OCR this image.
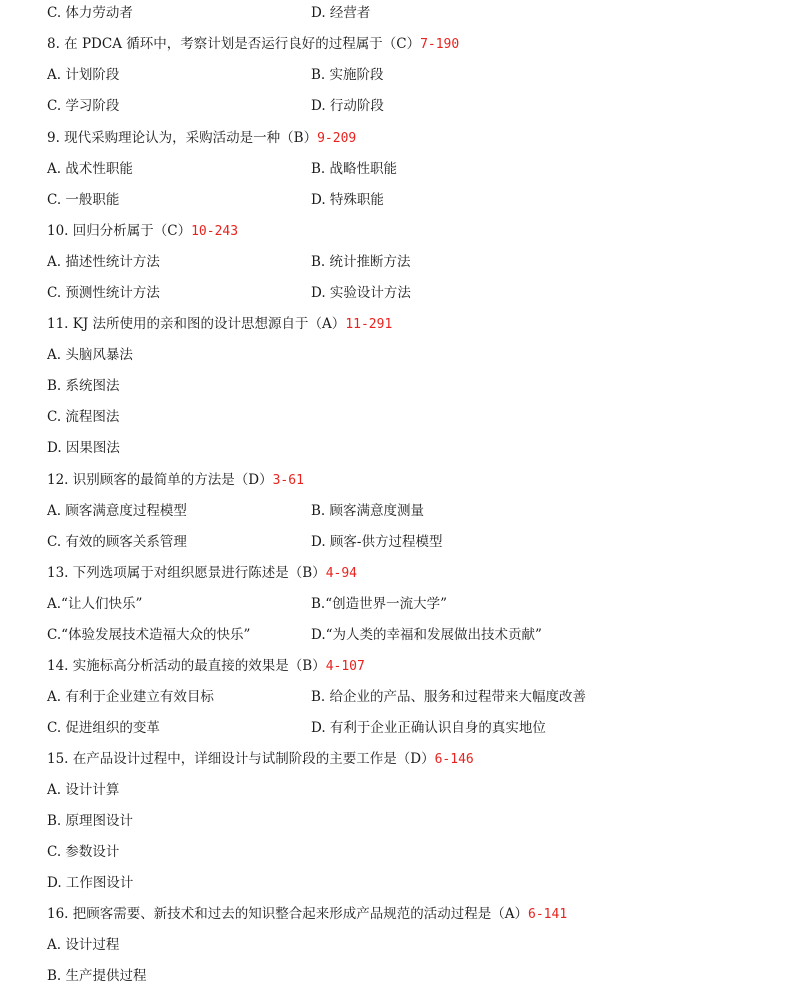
C. 体力劳动者	D. 经营者
8. 在 PDCA 循环中，考察计划是否运行良好的过程属于（C）7-190
A. 计划阶段	B. 实施阶段
C. 学习阶段	D. 行动阶段
9. 现代采购理论认为，采购活动是一种（B）9-209
A. 战术性职能	B. 战略性职能
C. 一般职能	D. 特殊职能
10. 回归分析属于（C）10-243
A. 描述性统计方法	B. 统计推断方法
C. 预测性统计方法	D. 实验设计方法
11. KJ 法所使用的亲和图的设计思想源自于（A）11-291
A. 头脑风暴法
B. 系统图法
C. 流程图法
D. 因果图法
12. 识别顾客的最简单的方法是（D）3-61
A. 顾客满意度过程模型	B. 顾客满意度测量
C. 有效的顾客关系管理	D. 顾客-供方过程模型
13. 下列选项属于对组织愿景进行陈述是（B）4-94
A.“让人们快乐”	B.“创造世界一流大学”
C.“体验发展技术造福大众的快乐”	D.“为人类的幸福和发展做出技术贡献”
14. 实施标高分析活动的最直接的效果是（B）4-107
A. 有利于企业建立有效目标	B. 给企业的产品、服务和过程带来大幅度改善
C. 促进组织的变革	D. 有利于企业正确认识自身的真实地位
15. 在产品设计过程中，详细设计与试制阶段的主要工作是（D）6-146
A. 设计计算
B. 原理图设计
C. 参数设计
D. 工作图设计
16. 把顾客需要、新技术和过去的知识整合起来形成产品规范的活动过程是（A）6-141
A. 设计过程
B. 生产提供过程
